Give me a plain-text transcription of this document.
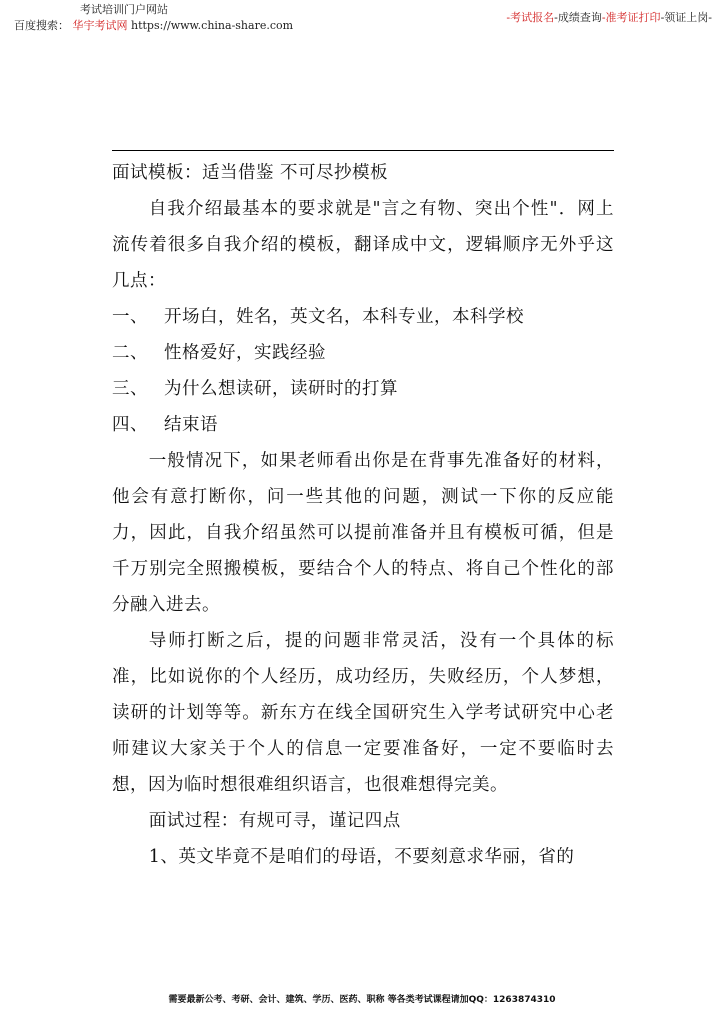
考试培训门户网站
百度搜索： 华宇考试网 https://www.china-share.com
-考试报名-成绩查询-准考证打印-领证上岗-

面试模板：适当借鉴 不可尽抄模板

自我介绍最基本的要求就是"言之有物、突出个性"．网上流传着很多自我介绍的模板，翻译成中文，逻辑顺序无外乎这几点：

一、 开场白，姓名，英文名，本科专业，本科学校

二、 性格爱好，实践经验

三、 为什么想读研，读研时的打算

四、 结束语

一般情况下，如果老师看出你是在背事先准备好的材料，他会有意打断你，问一些其他的问题，测试一下你的反应能力，因此，自我介绍虽然可以提前准备并且有模板可循，但是千万别完全照搬模板，要结合个人的特点、将自己个性化的部分融入进去。

导师打断之后，提的问题非常灵活，没有一个具体的标准，比如说你的个人经历，成功经历，失败经历，个人梦想，读研的计划等等。新东方在线全国研究生入学考试研究中心老师建议大家关于个人的信息一定要准备好，一定不要临时去想，因为临时想很难组织语言，也很难想得完美。

面试过程：有规可寻，谨记四点

1、英文毕竟不是咱们的母语，不要刻意求华丽，省的

需要最新公考、考研、会计、建筑、学历、医药、职称 等各类考试课程请加QQ：1263874310
